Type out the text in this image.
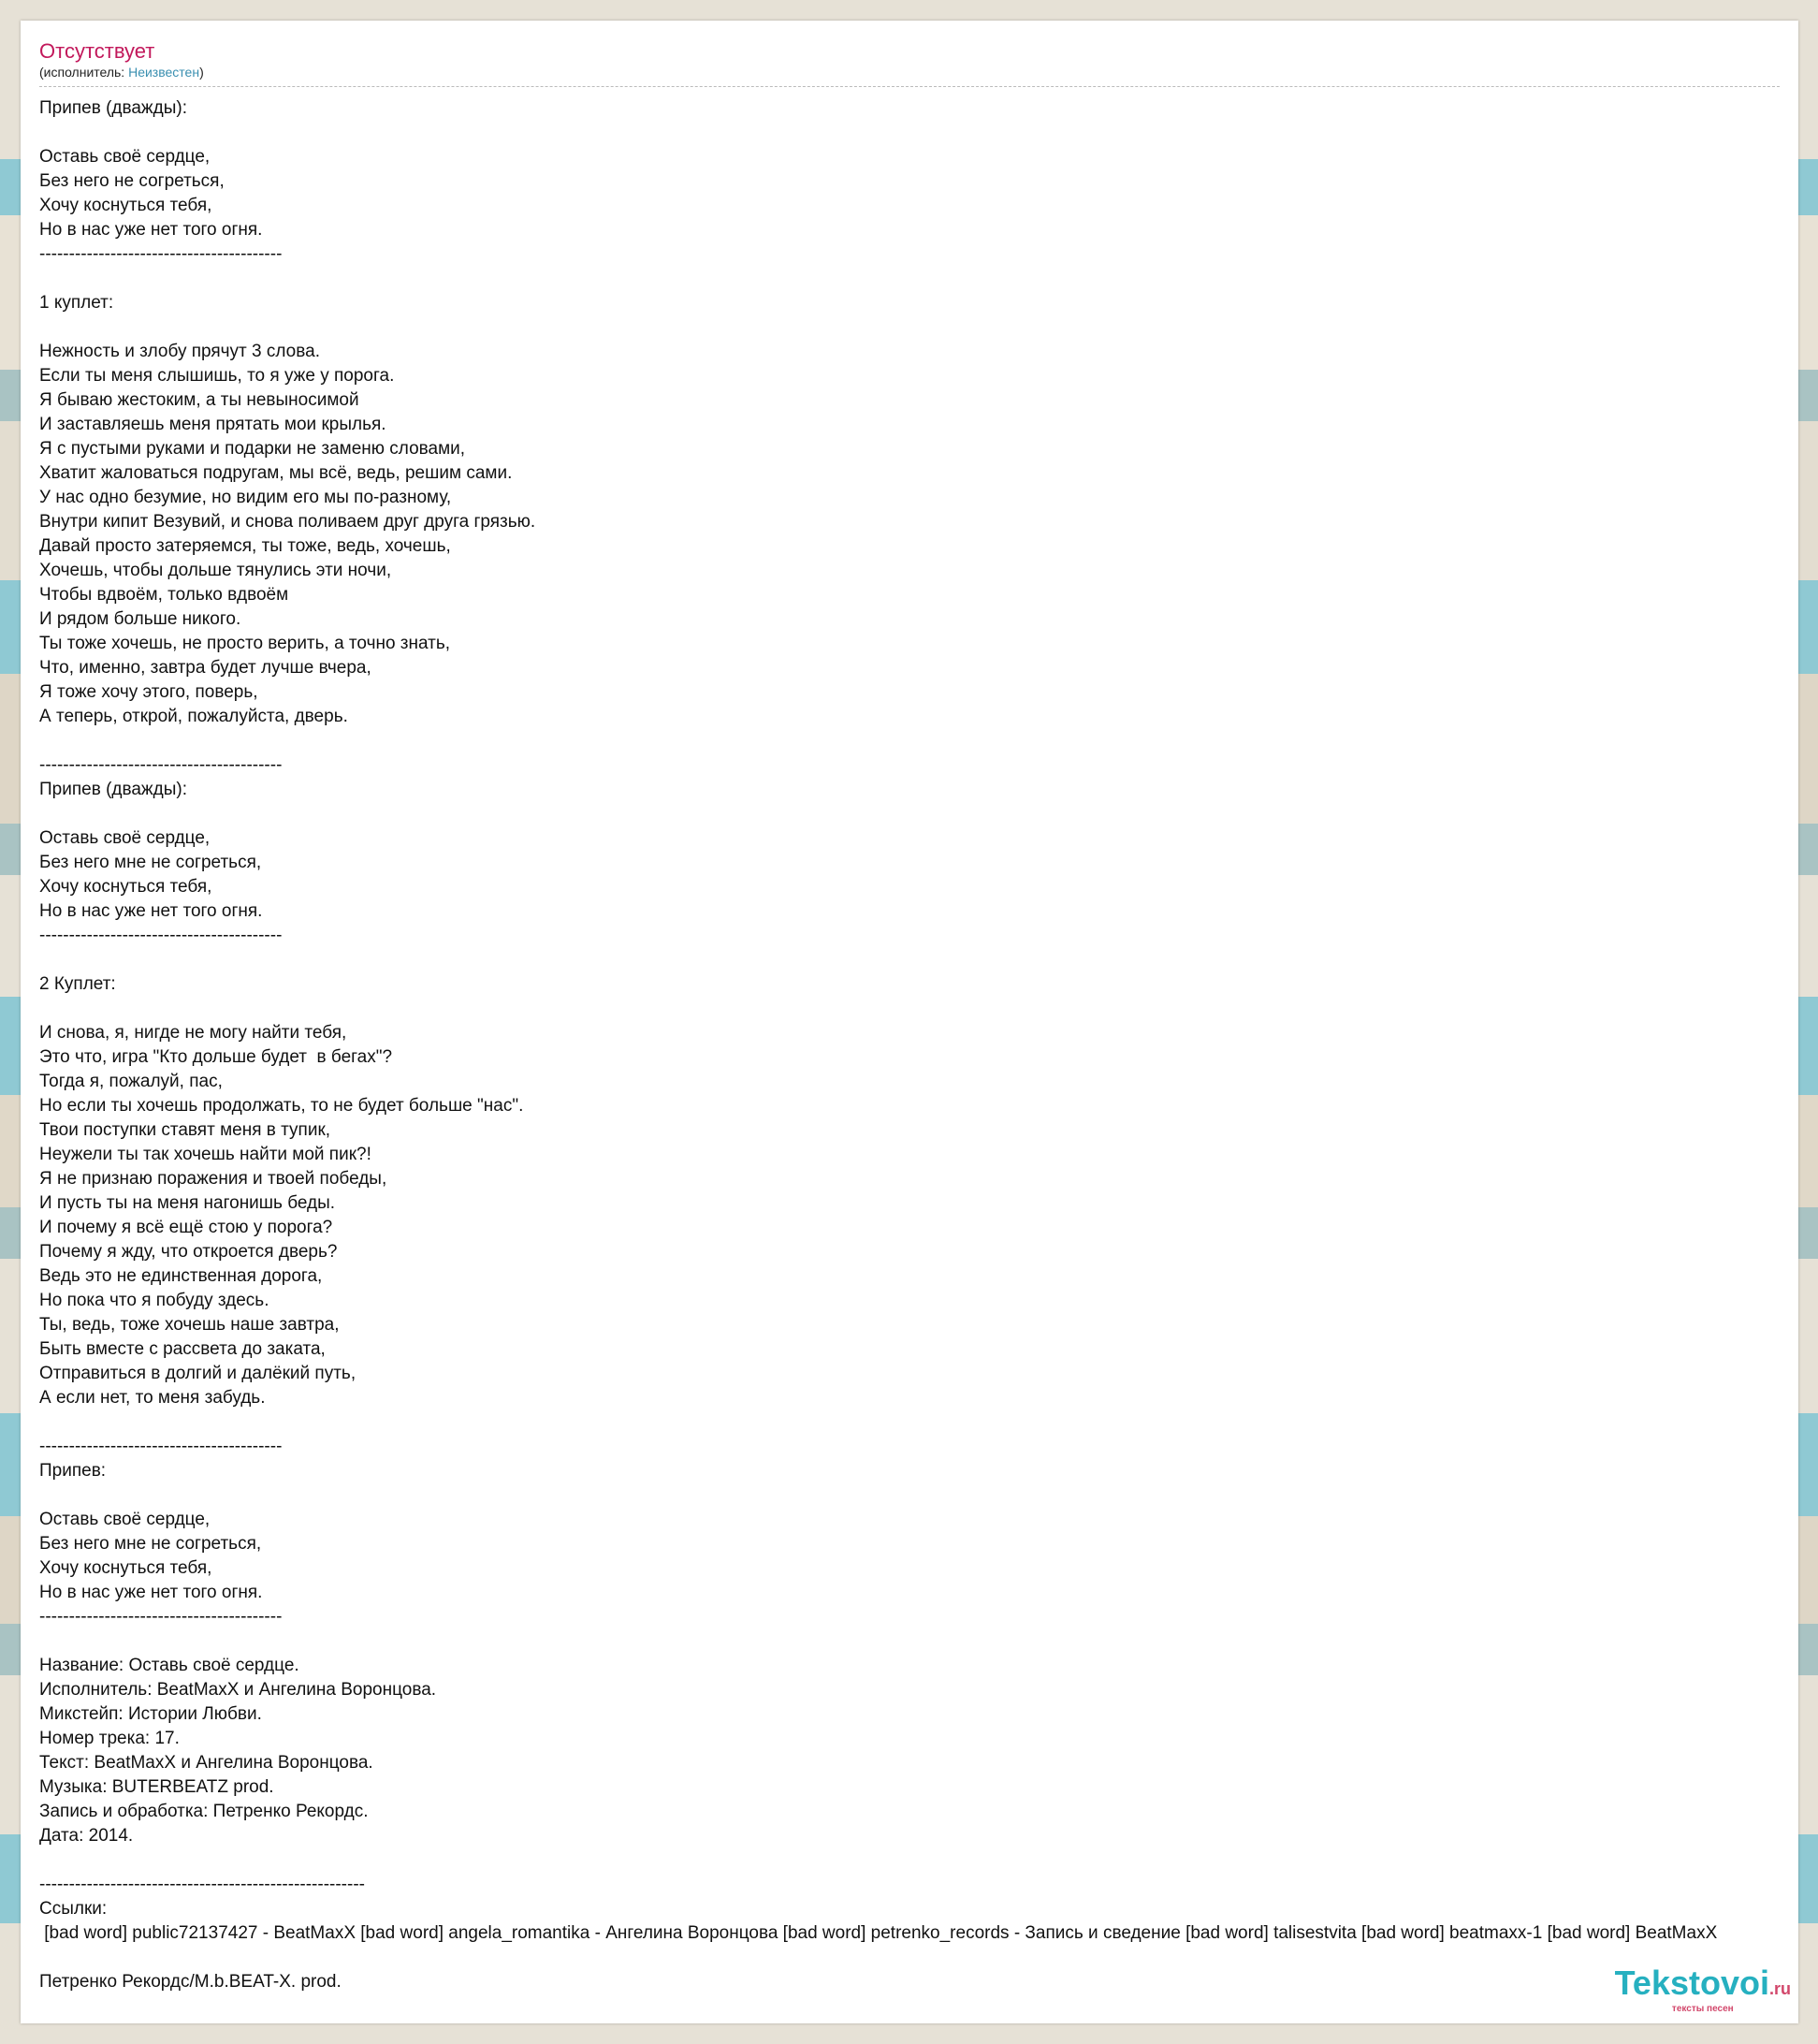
Отсутствует
(исполнитель: Неизвестен)
Припев (дважды):

Оставь своё сердце,
Без него не согреться,
Хочу коснуться тебя,
Но в нас уже нет того огня.
-----------------------------------------

1 куплет:

Нежность и злобу прячут 3 слова.
Если ты меня слышишь, то я уже у порога.
Я бываю жестоким, а ты невыносимой
И заставляешь меня прятать мои крылья.
Я с пустыми руками и подарки не заменю словами,
Хватит жаловаться подругам, мы всё, ведь, решим сами.
У нас одно безумие, но видим его мы по-разному,
Внутри кипит Везувий, и снова поливаем друг друга грязью.
Давай просто затеряемся, ты тоже, ведь, хочешь,
Хочешь, чтобы дольше тянулись эти ночи,
Чтобы вдвоём, только вдвоём
И рядом больше никого.
Ты тоже хочешь, не просто верить, а точно знать,
Что, именно, завтра будет лучше вчера,
Я тоже хочу этого, поверь,
А теперь, открой, пожалуйста, дверь.

-----------------------------------------
Припев (дважды):

Оставь своё сердце,
Без него мне не согреться,
Хочу коснуться тебя,
Но в нас уже нет того огня.
-----------------------------------------

2 Куплет:

И снова, я, нигде не могу найти тебя,
Это что, игра "Кто дольше будет  в бегах"?
Тогда я, пожалуй, пас,
Но если ты хочешь продолжать, то не будет больше "нас".
Твои поступки ставят меня в тупик,
Неужели ты так хочешь найти мой пик?!
Я не признаю поражения и твоей победы,
И пусть ты на меня нагонишь беды.
И почему я всё ещё стою у порога?
Почему я жду, что откроется дверь?
Ведь это не единственная дорога,
Но пока что я побуду здесь.
Ты, ведь, тоже хочешь наше завтра,
Быть вместе с рассвета до заката,
Отправиться в долгий и далёкий путь,
А если нет, то меня забудь.

-----------------------------------------
Припев:

Оставь своё сердце,
Без него мне не согреться,
Хочу коснуться тебя,
Но в нас уже нет того огня.
-----------------------------------------

Название: Оставь своё сердце.
Исполнитель: BeatMaxX и Ангелина Воронцова.
Микстейп: Истории Любви.
Номер трека: 17.
Текст: BeatMaxX и Ангелина Воронцова.
Музыка: BUTERBEATZ prod.
Запись и обработка: Петренко Рекордс.
Дата: 2014.

-------------------------------------------------------
Ссылки:
[bad word] public72137427 - BeatMaxX [bad word] angela_romantika - Ангелина Воронцова [bad word] petrenko_records - Запись и сведение [bad word] talisestvita [bad word] beatmaxx-1 [bad word] BeatMaxX

Петренко Рекордс/M.b.BEAT-X. prod.	Tekstovoi.ru
тексты песен
